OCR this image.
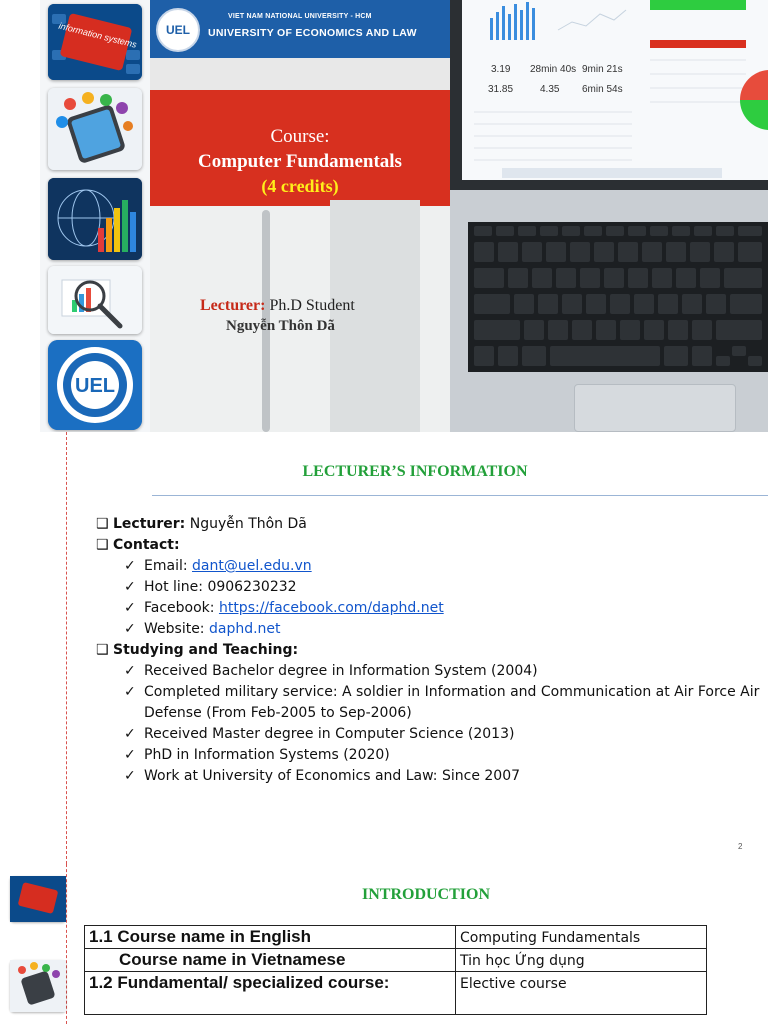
information systems
UEL
UEL
VIET NAM NATIONAL UNIVERSITY - HCM
UNIVERSITY OF ECONOMICS AND LAW
Course:
Computer Fundamentals
(4 credits)
Lecturer: Ph.D Student
Nguyễn Thôn Dã
3.19 28min 40s 9min 21s
31.85	4.35 6min 54s
LECTURER’S INFORMATION
❑ Lecturer: Nguyễn Thôn Dã
❑ Contact:
✓ Email: dant@uel.edu.vn
✓ Hot line: 0906230232
✓ Facebook: https://facebook.com/daphd.net
✓ Website: daphd.net
❑ Studying and Teaching:
✓ Received Bachelor degree in Information System (2004)
✓ Completed military service: A soldier in Information and Communication at Air Force Air Defense (From Feb-2005 to Sep-2006)
✓ Received Master degree in Computer Science (2013)
✓ PhD in Information Systems (2020)
✓ Work at University of Economics and Law: Since 2007
2
INTRODUCTION
1.1 Course name in English	Computing Fundamentals
Course name in Vietnamese	Tin học Ứng dụng
1.2 Fundamental/ specialized course:	Elective course
